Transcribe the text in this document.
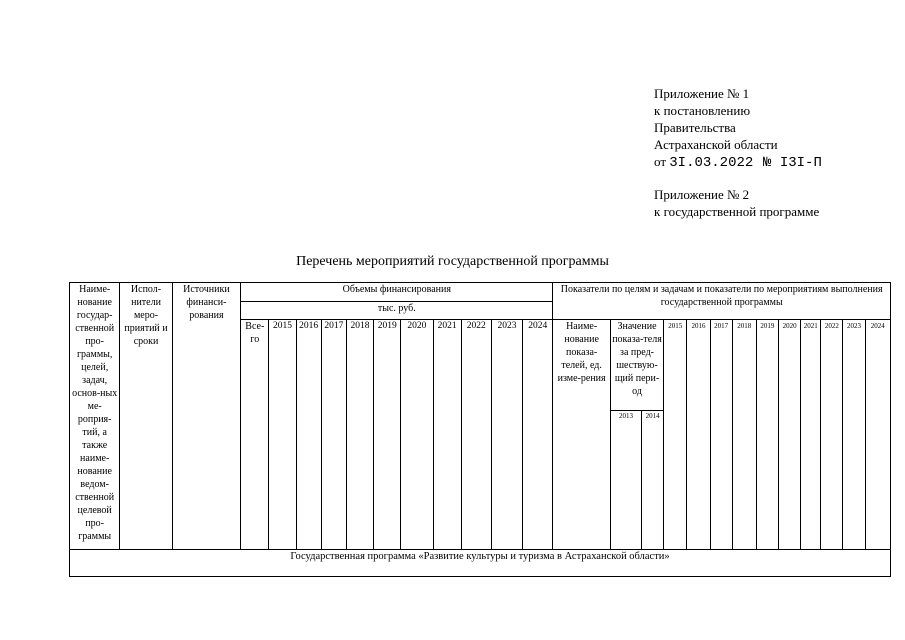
Приложение № 1
к постановлению
Правительства
Астраханской области
от 3I.03.2022 № I3I-П
Приложение № 2
к государственной программе
Перечень мероприятий государственной программы
Наиме-нование государ-ственной про-граммы, целей, задач, основ-ных ме-роприя-тий, а также наиме-нование ведом-ственной целевой про-граммы	Испол-нители меро-приятий и сроки	Источники финанси-рования	Объемы финансирования											Показатели по целям и задачам и показатели по мероприятиям выполнения государственной программы												
			тыс. руб.																							
			Все-го	2015	2016	2017	2018	2019	2020	2021	2022	2023	2024	Наиме-нование показа-телей, ед. изме-рения	Значение показа-теля за пред-шествую-щий пери-од		2015	2016	2017	2018	2019	2020	2021	2022	2023	2024
															2013	2014										
Государственная программа «Развитие культуры и туризма в Астраханской области»																										
